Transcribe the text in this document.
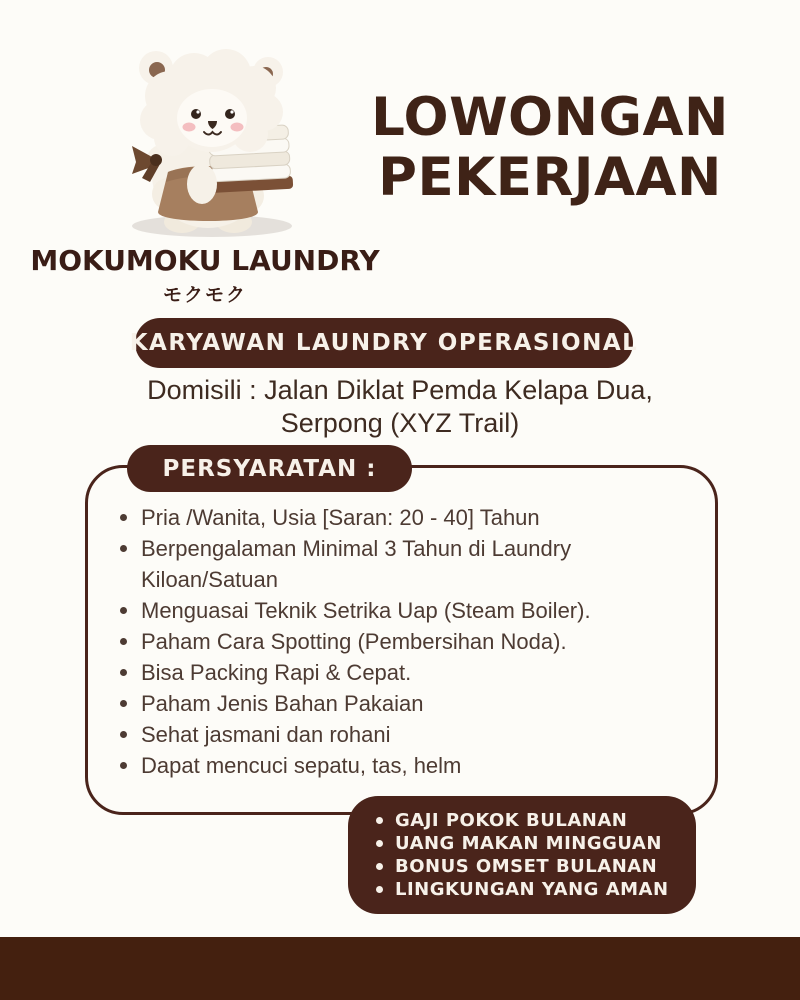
LOWONGAN
PEKERJAAN
MOKUMOKU LAUNDRY
モクモク
KARYAWAN LAUNDRY OPERASIONAL
Domisili : Jalan Diklat Pemda Kelapa Dua, Serpong (XYZ Trail)
PERSYARATAN :
Pria /Wanita, Usia [Saran: 20 - 40] Tahun
Berpengalaman Minimal 3 Tahun di Laundry Kiloan/Satuan
Menguasai Teknik Setrika Uap (Steam Boiler).
Paham Cara Spotting (Pembersihan Noda).
Bisa Packing Rapi & Cepat.
Paham Jenis Bahan Pakaian
Sehat jasmani dan rohani
Dapat mencuci sepatu, tas, helm
GAJI POKOK BULANAN
UANG MAKAN MINGGUAN
BONUS OMSET BULANAN
LINGKUNGAN YANG AMAN
